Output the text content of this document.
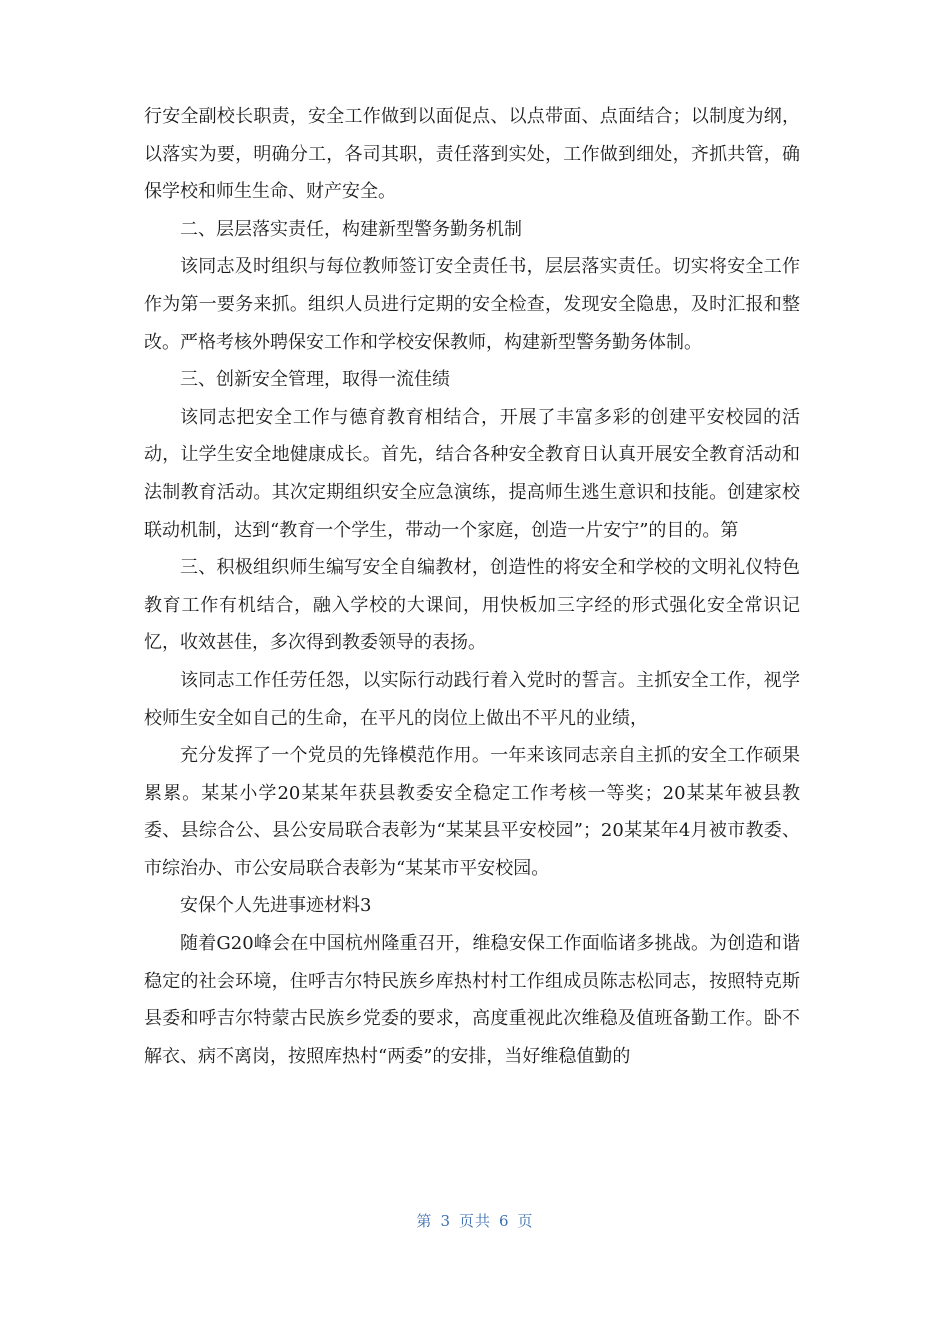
行安全副校长职责，安全工作做到以面促点、以点带面、点面结合；以制度为纲，以落实为要，明确分工，各司其职，责任落到实处，工作做到细处，齐抓共管，确保学校和师生生命、财产安全。

二、层层落实责任，构建新型警务勤务机制

该同志及时组织与每位教师签订安全责任书，层层落实责任。切实将安全工作作为第一要务来抓。组织人员进行定期的安全检查，发现安全隐患，及时汇报和整改。严格考核外聘保安工作和学校安保教师，构建新型警务勤务体制。

三、创新安全管理，取得一流佳绩

该同志把安全工作与德育教育相结合，开展了丰富多彩的创建平安校园的活动，让学生安全地健康成长。首先，结合各种安全教育日认真开展安全教育活动和法制教育活动。其次定期组织安全应急演练，提高师生逃生意识和技能。创建家校联动机制，达到“教育一个学生，带动一个家庭，创造一片安宁”的目的。第

三、积极组织师生编写安全自编教材，创造性的将安全和学校的文明礼仪特色教育工作有机结合，融入学校的大课间，用快板加三字经的形式强化安全常识记忆，收效甚佳，多次得到教委领导的表扬。

该同志工作任劳任怨，以实际行动践行着入党时的誓言。主抓安全工作，视学校师生安全如自己的生命，在平凡的岗位上做出不平凡的业绩，

充分发挥了一个党员的先锋模范作用。一年来该同志亲自主抓的安全工作硕果累累。某某小学20某某年获县教委安全稳定工作考核一等奖；20某某年被县教委、县综合公、县公安局联合表彰为“某某县平安校园”；20某某年4月被市教委、市综治办、市公安局联合表彰为“某某市平安校园。

安保个人先进事迹材料3

随着G20峰会在中国杭州隆重召开，维稳安保工作面临诸多挑战。为创造和谐稳定的社会环境，住呼吉尔特民族乡库热村村工作组成员陈志松同志，按照特克斯县委和呼吉尔特蒙古民族乡党委的要求，高度重视此次维稳及值班备勤工作。卧不解衣、病不离岗，按照库热村“两委”的安排，当好维稳值勤的

第 3 页共 6 页
